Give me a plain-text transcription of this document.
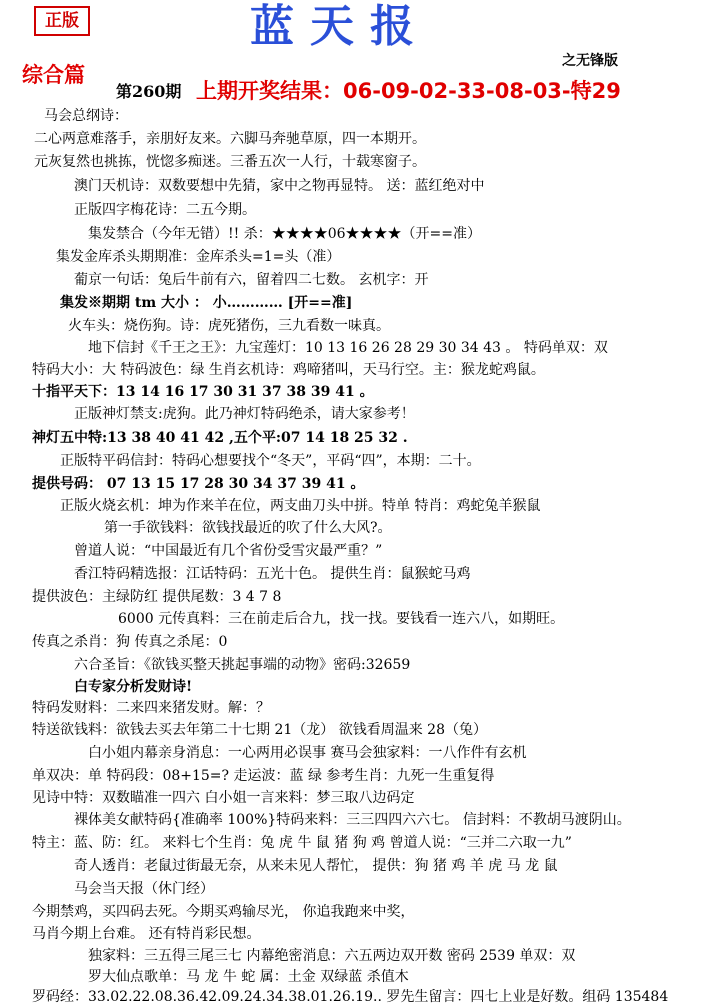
正版	蓝天报
之无锋版
综合篇
第260期 上期开奖结果：06-09-02-33-08-03-特29
马会总纲诗：
二心两意难落手，亲朋好友来。六脚马奔驰草原，四一本期开。
元灰复然也挑拣，恍惚多痴迷。三番五次一人行，十载寒窗子。
澳门天机诗：双数要想中先猜，家中之物再显特。 送：蓝红绝对中
正版四字梅花诗：二五今期。
集发禁合（今年无错）!! 杀：★★★★06★★★★（开==准）
集发金库杀头期期准：金库杀头=1=头（准）
葡京一句话：兔后牛前有六，留着四二七数。 玄机字：开
集发※期期 tm 大小 ： 小………… [开==准]
火车头：烧伤狗。诗：虎死猪伤，三九看数一味真。
地下信封《千王之王》：九宝莲灯：10 13 16 26 28 29 30 34 43 。 特码单双：双
特码大小：大 特码波色：绿 生肖玄机诗：鸡啼猪叫，天马行空。主：猴龙蛇鸡鼠。
十指平天下：13 14 16 17 30 31 37 38 39 41 。
正版神灯禁支:虎狗。此乃神灯特码绝杀，请大家参考！
神灯五中特:13 38 40 41 42 ,五个平:07 14 18 25 32 .
正版特平码信封：特码心想要找个“冬天”，平码“四”，本期：二十。
提供号码： 07 13 15 17 28 30 34 37 39 41 。
正版火烧玄机：坤为作来羊在位，两支曲刀头中拼。特单 特肖：鸡蛇兔羊猴鼠
第一手欲钱料：欲钱找最近的吹了什么大风?。
曾道人说：“中国最近有几个省份受雪灾最严重？”
香江特码精选报：江话特码：五光十色。 提供生肖：鼠猴蛇马鸡
提供波色：主绿防红 提供尾数：3 4 7 8
6000 元传真料：三在前走后合九，找一找。要钱看一连六八，如期旺。
传真之杀肖：狗 传真之杀尾：0
六合圣旨：《欲钱买整天挑起事端的动物》密码:32659
白专家分析发财诗!
特码发财料：二来四来猪发财。解：？
特送欲钱料：欲钱去买去年第二十七期 21（龙） 欲钱看周温来 28（兔）
白小姐内幕亲身消息：一心两用必误事 赛马会独家料：一八作件有玄机
单双决：单 特码段：08+15=? 走运波：蓝 绿 参考生肖：九死一生重复得
见诗中特：双数瞄准一四六 白小姐一言来料：梦三取八边码定
裸体美女献特码{准确率 100%}特码来料：三三四四六六七。 信封料：不教胡马渡阴山。
特主：蓝、防：红。 来料七个生肖：兔 虎 牛 鼠 猪 狗 鸡 曾道人说：“三并二六取一九”
奇人透肖：老鼠过街最无奈，从来未见人帮忙， 提供：狗 猪 鸡 羊 虎 马 龙 鼠
马会当天报（休门经）
今期禁鸡，买四码去死。今期买鸡输尽光， 你追我跑来中奖，
马肖今期上台难。 还有特肖彩民想。
独家料：三五得三尾三七 内幕绝密消息：六五两边双开数 密码 2539 单双：双
罗大仙点歌单：马 龙 牛 蛇 属：土金 双绿蓝 杀值木
罗码经：33.02.22.08.36.42.09.24.34.38.01.26.19.. 罗先生留言：四七上业是好数。组码 135484
